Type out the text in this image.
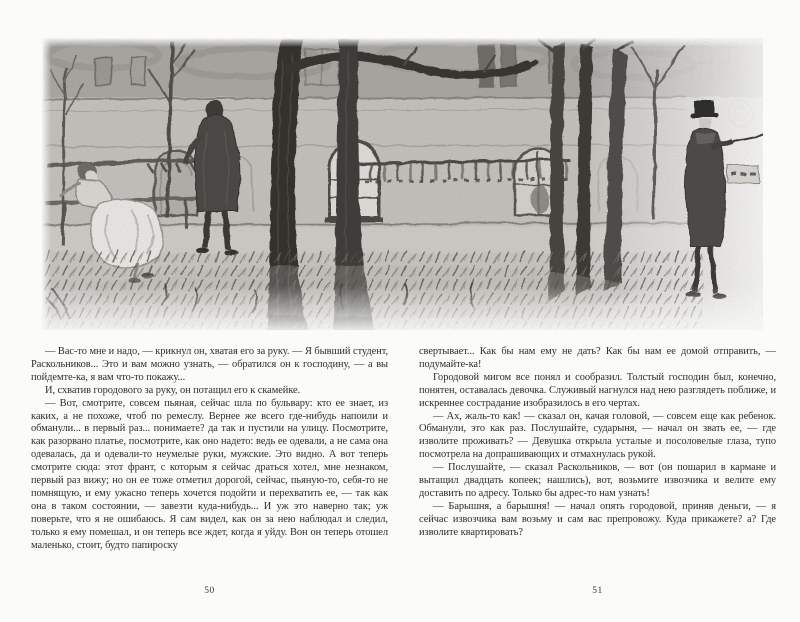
— Вас-то мне и надо, — крикнул он, хватая его за руку. — Я бывший студент, Раскольников... Это и вам можно узнать, — обратился он к господину, — а вы пойдемте-ка, я вам что-то покажу...

И, схватив городового за руку, он потащил его к скамейке.

— Вот, смотрите, совсем пьяная, сейчас шла по бульвару: кто ее знает, из каких, а не похоже, чтоб по ремеслу. Вернее же всего где-нибудь напоили и обманули... в первый раз... понимаете? да так и пустили на улицу. Посмотрите, как разорвано платье, посмотрите, как оно надето: ведь ее одевали, а не сама она одевалась, да и одевали-то неумелые руки, мужские. Это видно. А вот теперь смотрите сюда: этот франт, с которым я сейчас драться хотел, мне незнаком, первый раз вижу; но он ее тоже отметил дорогой, сейчас, пьяную-то, себя-то не помнящую, и ему ужасно теперь хочется подойти и перехватить ее, — так как она в таком состоянии, — завезти куда-нибудь... И уж это наверно так; уж поверьте, что я не ошибаюсь. Я сам видел, как он за нею наблюдал и следил, только я ему помешал, и он теперь все ждет, когда я уйду. Вон он теперь отошел маленько, стоит, будто папироску

50

свертывает... Как бы нам ему не дать? Как бы нам ее домой отправить, — подумайте-ка!

Городовой мигом все понял и сообразил. Толстый господин был, конечно, понятен, оставалась девочка. Служивый нагнулся над нею разглядеть поближе, и искреннее сострадание изобразилось в его чертах.

— Ах, жаль-то как! — сказал он, качая головой, — совсем еще как ребенок. Обманули, это как раз. Послушайте, сударыня, — начал он звать ее, — где изволите проживать? — Девушка открыла усталые и посоловелые глаза, тупо посмотрела на допрашивающих и отмахнулась рукой.

— Послушайте, — сказал Раскольников, — вот (он пошарил в кармане и вытащил двадцать копеек; нашлись), вот, возьмите извозчика и велите ему доставить по адресу. Только бы адрес-то нам узнать!

— Барышня, а барышня! — начал опять городовой, приняв деньги, — я сейчас извозчика вам возьму и сам вас препровожу. Куда прикажете? а? Где изволите квартировать?

51
